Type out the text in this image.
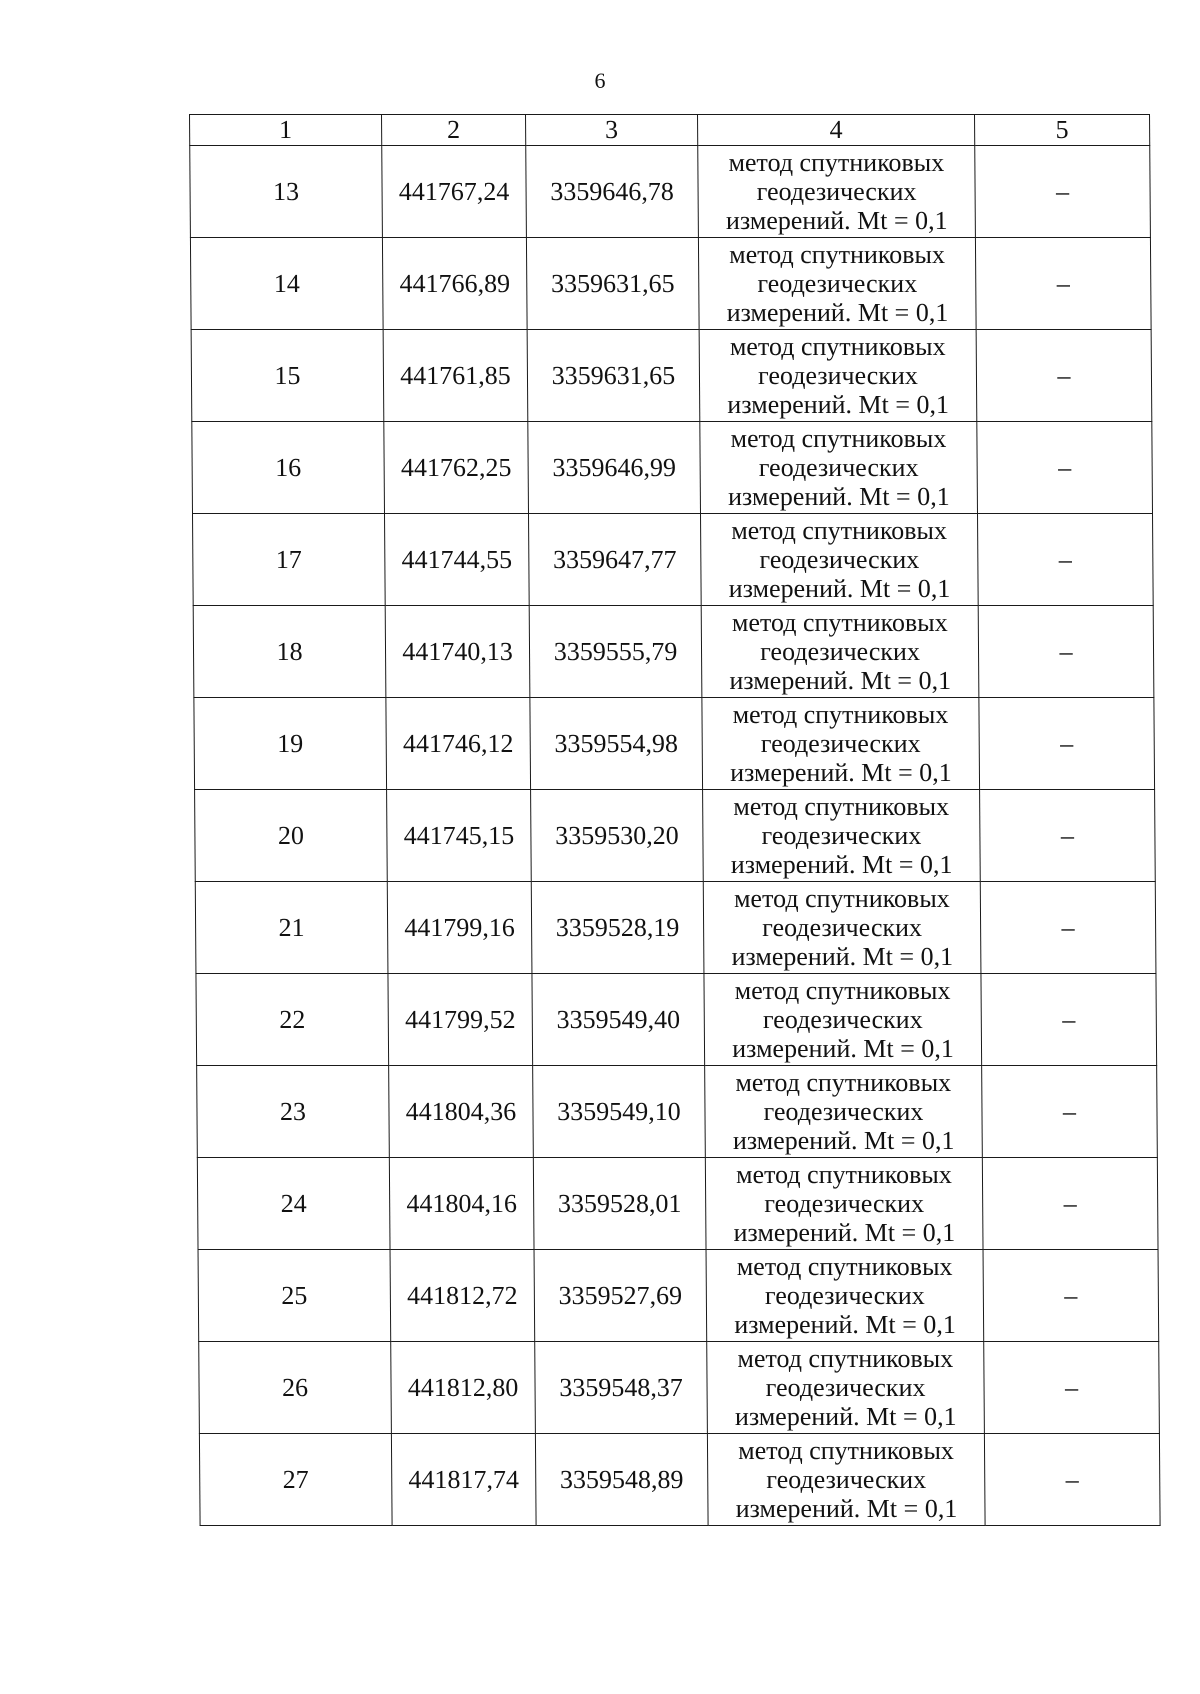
6
1	2	3	4	5
13	441767,24	3359646,78	метод спутниковых
геодезических
измерений. Mt = 0,1	–
14	441766,89	3359631,65	метод спутниковых
геодезических
измерений. Mt = 0,1	–
15	441761,85	3359631,65	метод спутниковых
геодезических
измерений. Mt = 0,1	–
16	441762,25	3359646,99	метод спутниковых
геодезических
измерений. Mt = 0,1	–
17	441744,55	3359647,77	метод спутниковых
геодезических
измерений. Mt = 0,1	–
18	441740,13	3359555,79	метод спутниковых
геодезических
измерений. Mt = 0,1	–
19	441746,12	3359554,98	метод спутниковых
геодезических
измерений. Mt = 0,1	–
20	441745,15	3359530,20	метод спутниковых
геодезических
измерений. Mt = 0,1	–
21	441799,16	3359528,19	метод спутниковых
геодезических
измерений. Mt = 0,1	–
22	441799,52	3359549,40	метод спутниковых
геодезических
измерений. Mt = 0,1	–
23	441804,36	3359549,10	метод спутниковых
геодезических
измерений. Mt = 0,1	–
24	441804,16	3359528,01	метод спутниковых
геодезических
измерений. Mt = 0,1	–
25	441812,72	3359527,69	метод спутниковых
геодезических
измерений. Mt = 0,1	–
26	441812,80	3359548,37	метод спутниковых
геодезических
измерений. Mt = 0,1	–
27	441817,74	3359548,89	метод спутниковых
геодезических
измерений. Mt = 0,1	–
